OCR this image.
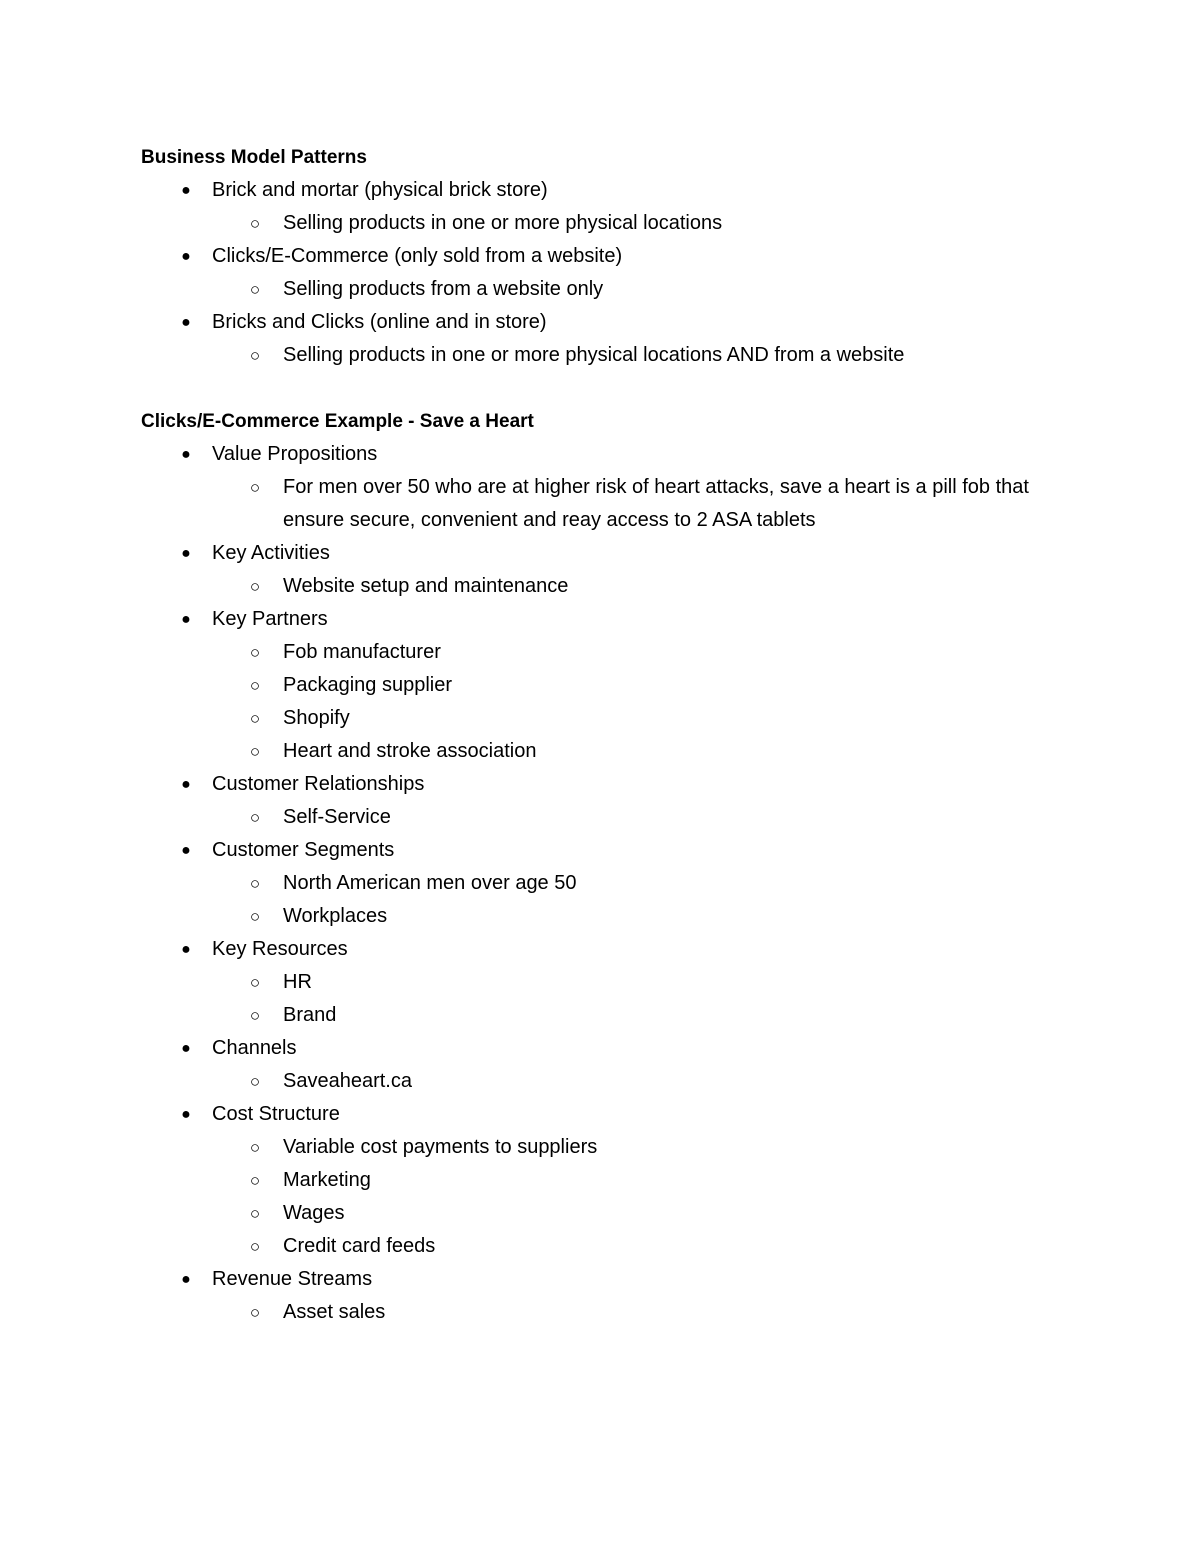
Business Model Patterns
● Brick and mortar (physical brick store)
○ Selling products in one or more physical locations
● Clicks/E-Commerce (only sold from a website)
○ Selling products from a website only
● Bricks and Clicks (online and in store)
○ Selling products in one or more physical locations AND from a website
Clicks/E-Commerce Example - Save a Heart
● Value Propositions
○ For men over 50 who are at higher risk of heart attacks, save a heart is a pill fob that ensure secure, convenient and reay access to 2 ASA tablets
● Key Activities
○ Website setup and maintenance
● Key Partners
○ Fob manufacturer
○ Packaging supplier
○ Shopify
○ Heart and stroke association
● Customer Relationships
○ Self-Service
● Customer Segments
○ North American men over age 50
○ Workplaces
● Key Resources
○ HR
○ Brand
● Channels
○ Saveaheart.ca
● Cost Structure
○ Variable cost payments to suppliers
○ Marketing
○ Wages
○ Credit card feeds
● Revenue Streams
○ Asset sales
